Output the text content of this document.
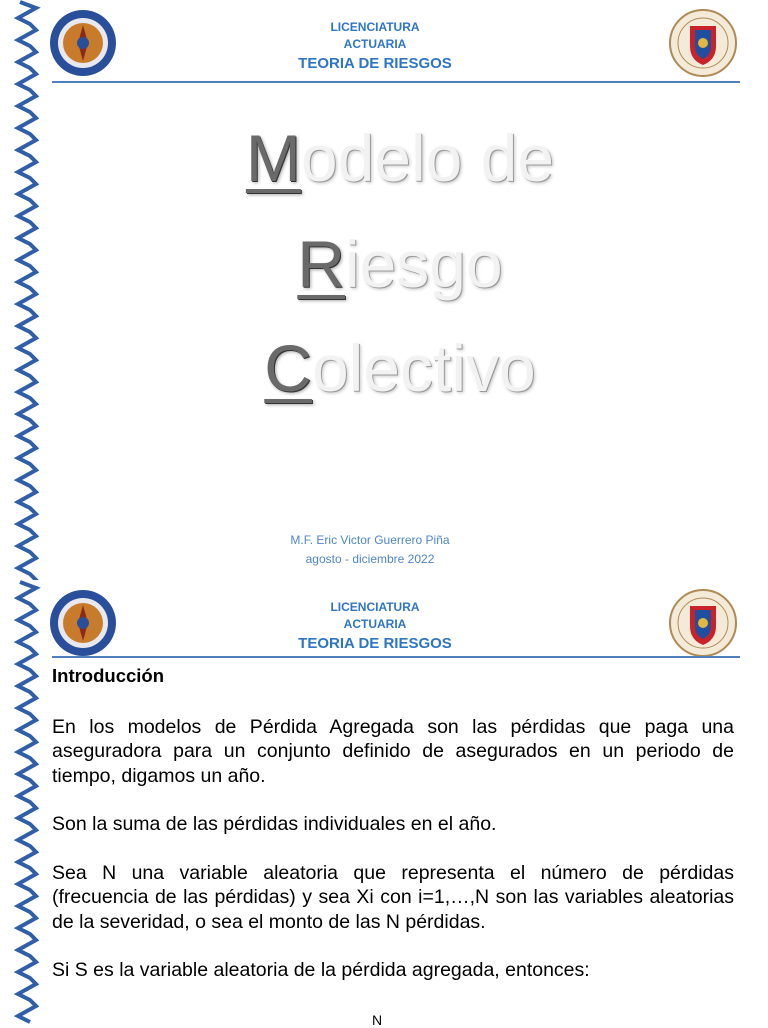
LICENCIATURA
ACTUARIA
TEORIA DE RIESGOS
Modelo de
Riesgo
Colectivo
M.F. Eric Victor Guerrero Piña
agosto - diciembre 2022
LICENCIATURA
ACTUARIA
TEORIA DE RIESGOS
Introducción

En los modelos de Pérdida Agregada son las pérdidas que paga una aseguradora para un conjunto definido de asegurados en un periodo de tiempo, digamos un año.

Son la suma de las pérdidas individuales en el año.

Sea N una variable aleatoria que representa el número de pérdidas (frecuencia de las pérdidas) y sea Xi con i=1,…,N son las variables aleatorias de la severidad, o sea el monto de las N pérdidas.

Si S es la variable aleatoria de la pérdida agregada, entonces:

N
